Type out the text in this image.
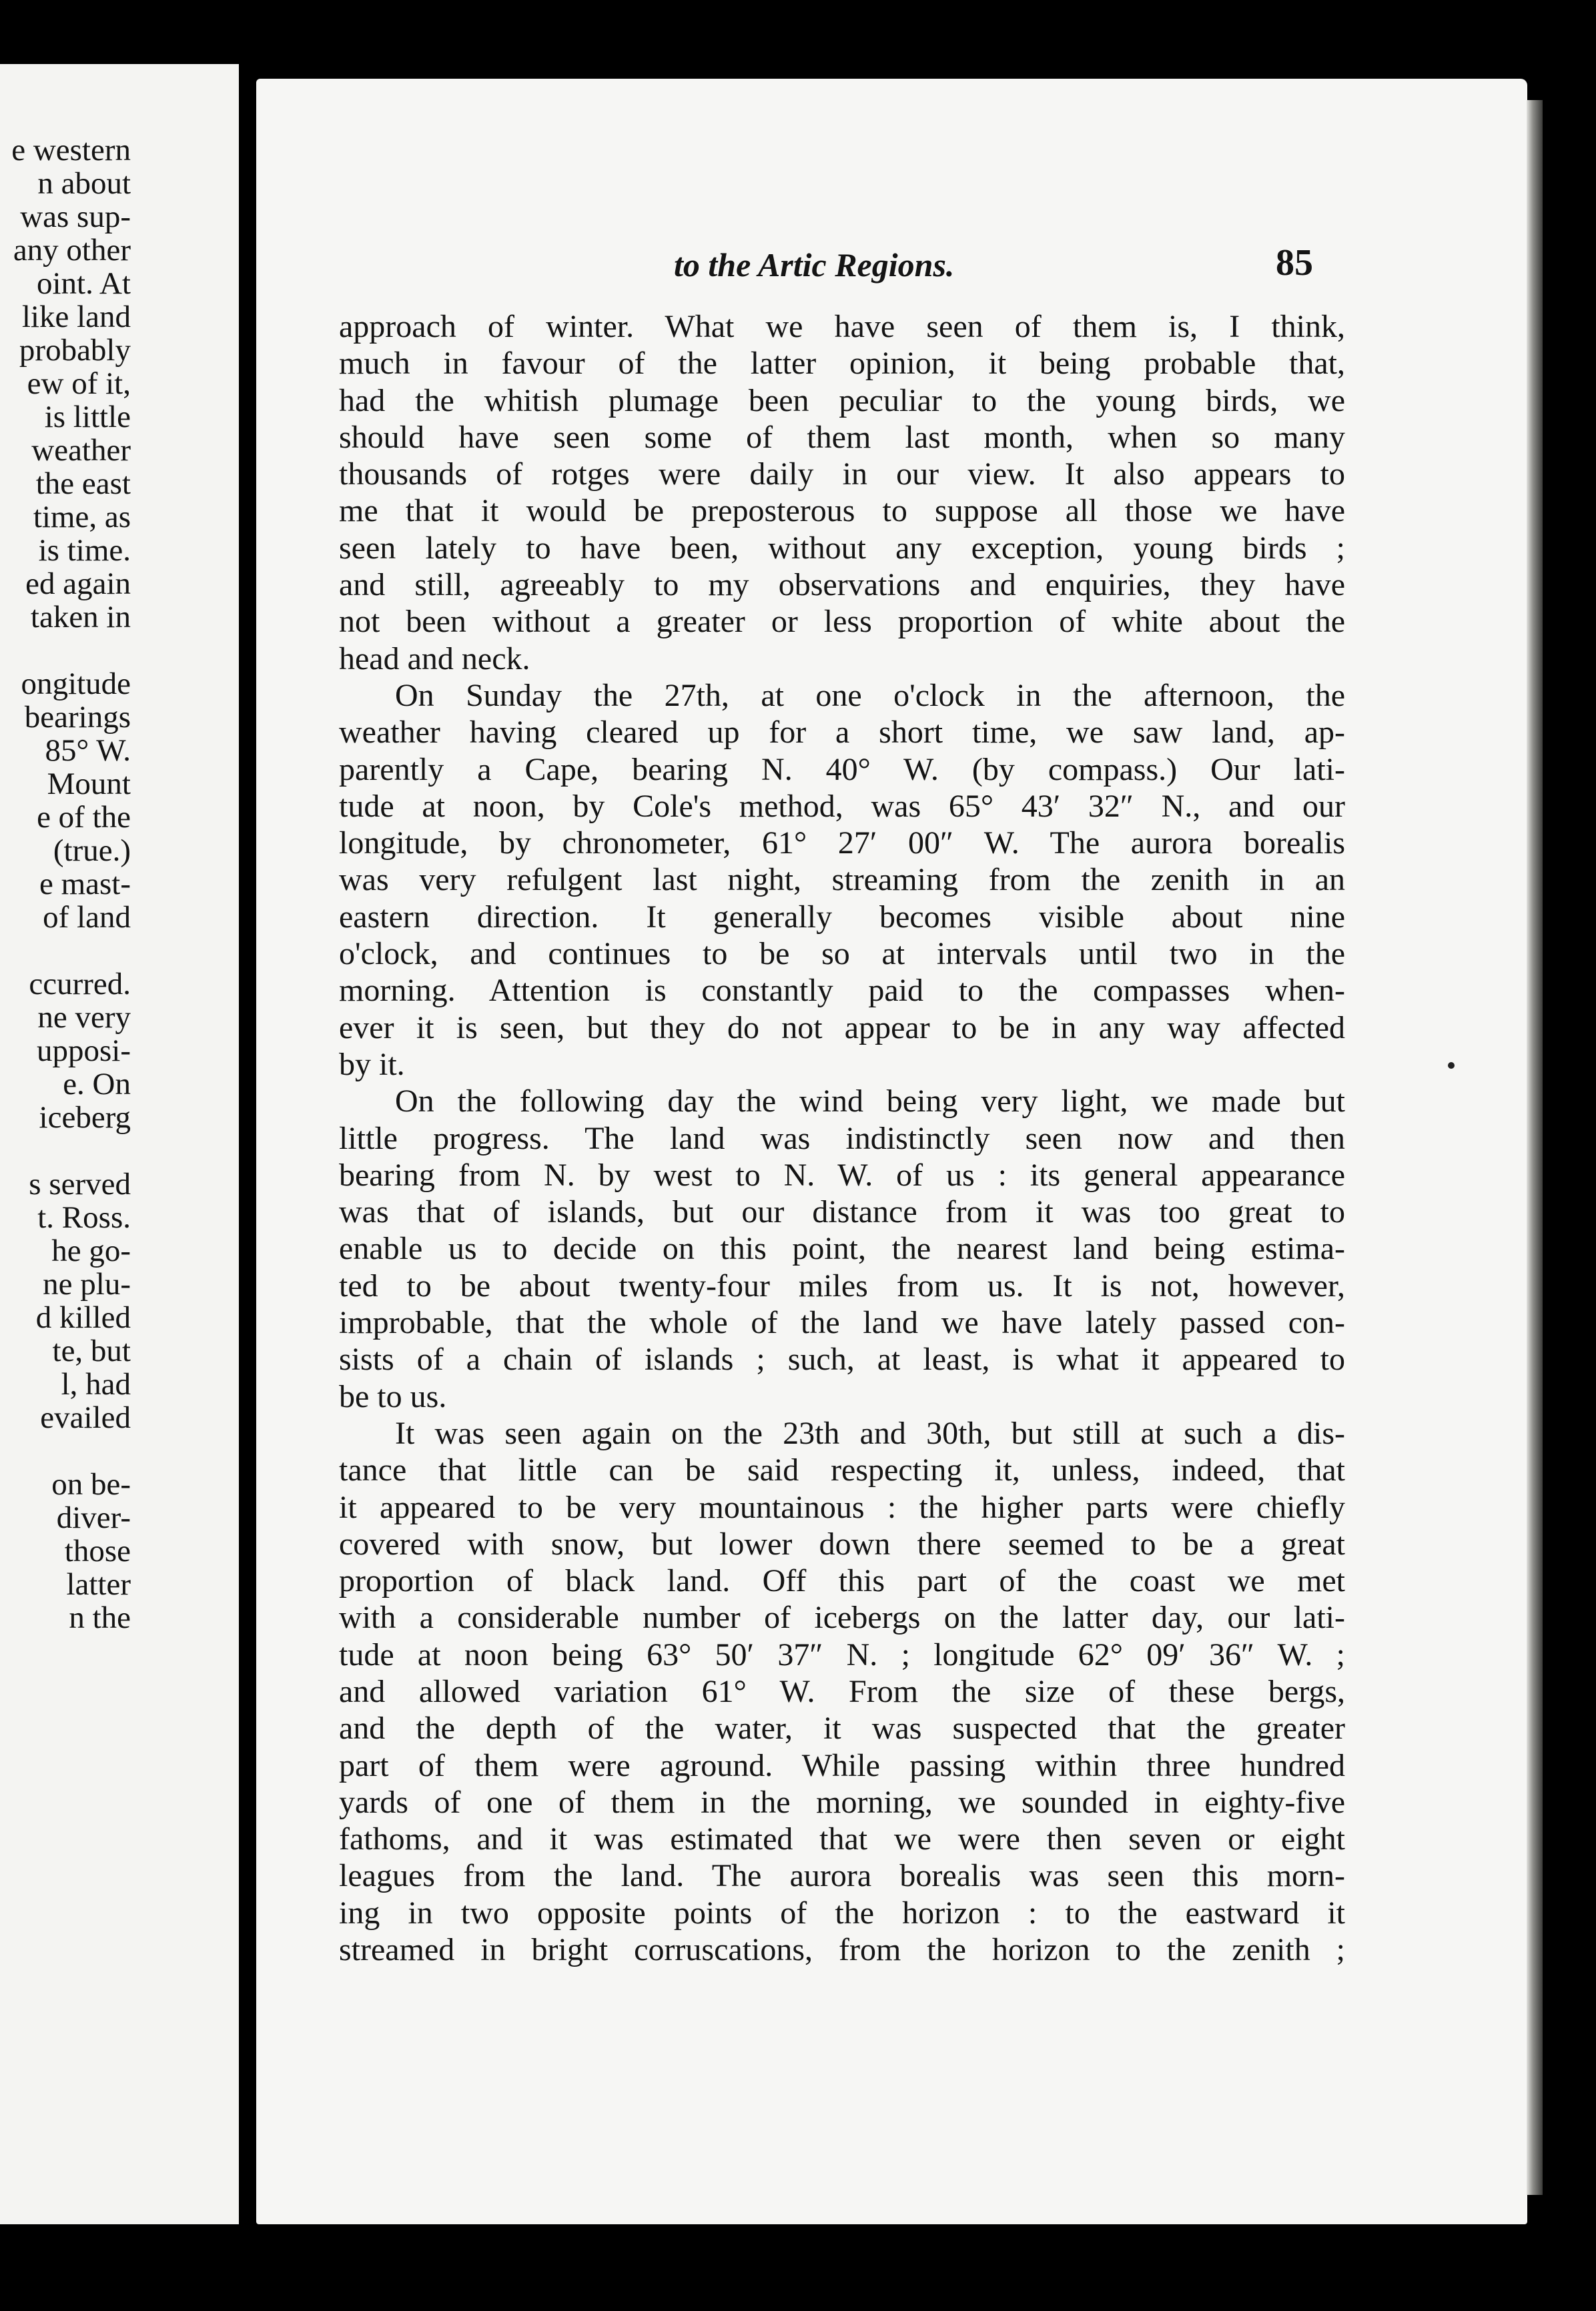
e western
n about
was sup-
any other
oint. At
like land
probably
ew of it,
is little
weather
the east
time, as
is time.
ed again
taken in
ongitude
bearings
85° W.
Mount
e of the
(true.)
e mast-
of land
ccurred.
ne very
upposi-
e. On
iceberg
s served
t. Ross.
he go-
ne plu-
d killed
te, but
l, had
evailed
on be-
diver-
those
latter
n the
to the Artic Regions.	85
approach of winter. What we have seen of them is, I think,
much in favour of the latter opinion, it being probable that,
had the whitish plumage been peculiar to the young birds, we
should have seen some of them last month, when so many
thousands of rotges were daily in our view. It also appears to
me that it would be preposterous to suppose all those we have
seen lately to have been, without any exception, young birds ;
and still, agreeably to my observations and enquiries, they have
not been without a greater or less proportion of white about the
head and neck.
On Sunday the 27th, at one o'clock in the afternoon, the
weather having cleared up for a short time, we saw land, ap-
parently a Cape, bearing N. 40° W. (by compass.) Our lati-
tude at noon, by Cole's method, was 65° 43′ 32″ N., and our
longitude, by chronometer, 61° 27′ 00″ W. The aurora borealis
was very refulgent last night, streaming from the zenith in an
eastern direction. It generally becomes visible about nine
o'clock, and continues to be so at intervals until two in the
morning. Attention is constantly paid to the compasses when-
ever it is seen, but they do not appear to be in any way affected
by it.
On the following day the wind being very light, we made but
little progress. The land was indistinctly seen now and then
bearing from N. by west to N. W. of us : its general appearance
was that of islands, but our distance from it was too great to
enable us to decide on this point, the nearest land being estima-
ted to be about twenty-four miles from us. It is not, however,
improbable, that the whole of the land we have lately passed con-
sists of a chain of islands ; such, at least, is what it appeared to
be to us.
It was seen again on the 23th and 30th, but still at such a dis-
tance that little can be said respecting it, unless, indeed, that
it appeared to be very mountainous : the higher parts were chiefly
covered with snow, but lower down there seemed to be a great
proportion of black land. Off this part of the coast we met
with a considerable number of icebergs on the latter day, our lati-
tude at noon being 63° 50′ 37″ N. ; longitude 62° 09′ 36″ W. ;
and allowed variation 61° W. From the size of these bergs,
and the depth of the water, it was suspected that the greater
part of them were aground. While passing within three hundred
yards of one of them in the morning, we sounded in eighty-five
fathoms, and it was estimated that we were then seven or eight
leagues from the land. The aurora borealis was seen this morn-
ing in two opposite points of the horizon : to the eastward it
streamed in bright corruscations, from the horizon to the zenith ;
